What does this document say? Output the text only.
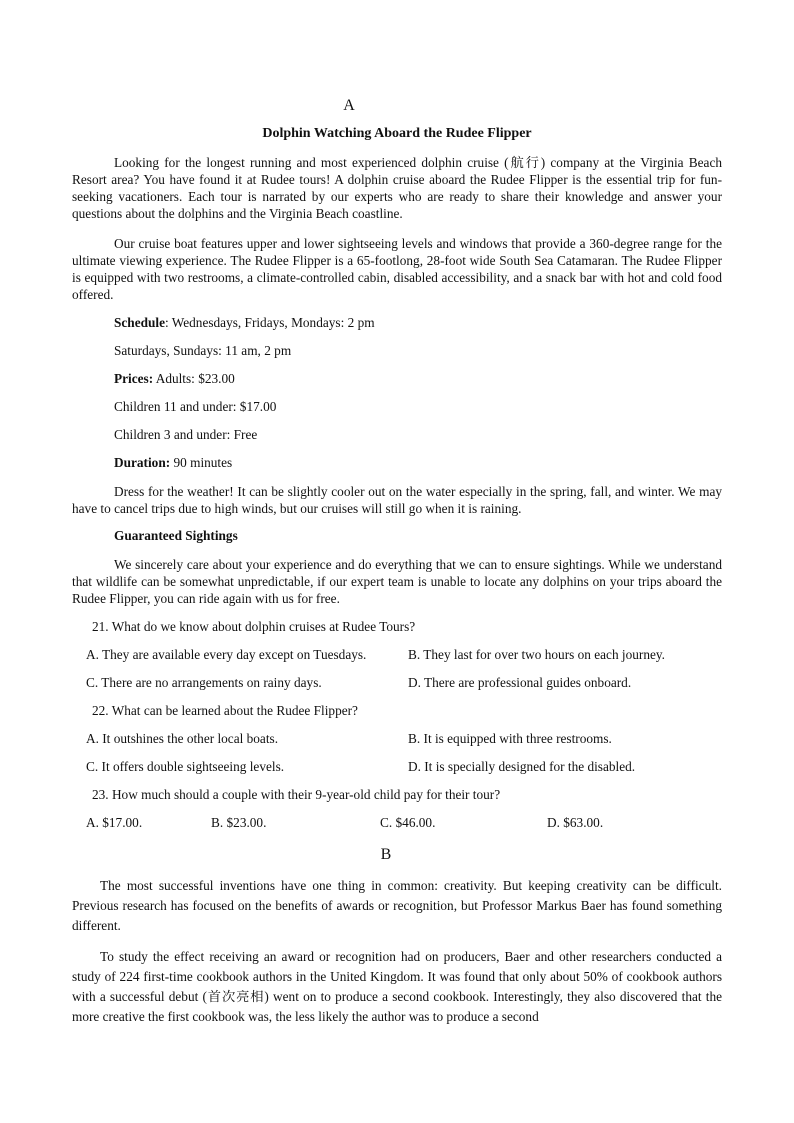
A
Dolphin Watching Aboard the Rudee Flipper

Looking for the longest running and most experienced dolphin cruise (航行) company at the Virginia Beach Resort area? You have found it at Rudee tours! A dolphin cruise aboard the Rudee Flipper is the essential trip for fun-seeking vacationers. Each tour is narrated by our experts who are ready to share their knowledge and answer your questions about the dolphins and the Virginia Beach coastline.

Our cruise boat features upper and lower sightseeing levels and windows that provide a 360-degree range for the ultimate viewing experience. The Rudee Flipper is a 65-footlong, 28-foot wide South Sea Catamaran. The Rudee Flipper is equipped with two restrooms, a climate-controlled cabin, disabled accessibility, and a snack bar with hot and cold food offered.

Schedule: Wednesdays, Fridays, Mondays: 2 pm
Saturdays, Sundays: 11 am, 2 pm
Prices: Adults: $23.00
Children 11 and under: $17.00
Children 3 and under: Free
Duration: 90 minutes

Dress for the weather! It can be slightly cooler out on the water especially in the spring, fall, and winter. We may have to cancel trips due to high winds, but our cruises will still go when it is raining.

Guaranteed Sightings

We sincerely care about your experience and do everything that we can to ensure sightings. While we understand that wildlife can be somewhat unpredictable, if our expert team is unable to locate any dolphins on your trips aboard the Rudee Flipper, you can ride again with us for free.

21. What do we know about dolphin cruises at Rudee Tours?
A. They are available every day except on Tuesdays.	B. They last for over two hours on each journey.
C. There are no arrangements on rainy days.	D. There are professional guides onboard.
22. What can be learned about the Rudee Flipper?
A. It outshines the other local boats.	B. It is equipped with three restrooms.
C. It offers double sightseeing levels.	D. It is specially designed for the disabled.
23. How much should a couple with their 9-year-old child pay for their tour?
A. $17.00.	B. $23.00.	C. $46.00.	D. $63.00.
B

The most successful inventions have one thing in common: creativity. But keeping creativity can be difficult. Previous research has focused on the benefits of awards or recognition, but Professor Markus Baer has found something different.

To study the effect receiving an award or recognition had on producers, Baer and other researchers conducted a study of 224 first-time cookbook authors in the United Kingdom. It was found that only about 50% of cookbook authors with a successful debut (首次亮相) went on to produce a second cookbook. Interestingly, they also discovered that the more creative the first cookbook was, the less likely the author was to produce a second
